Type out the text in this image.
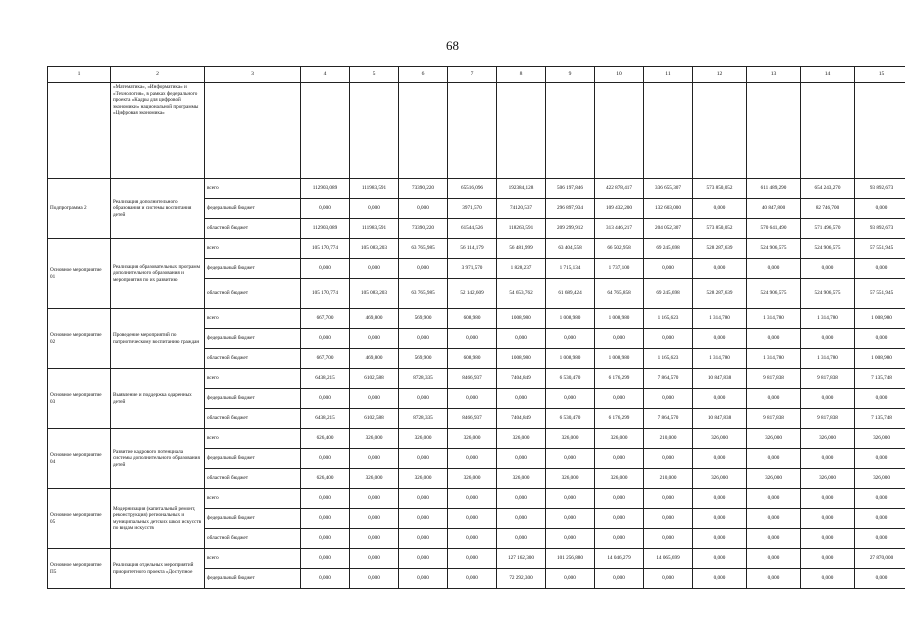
68
1	2	3	4	5	6	7	8	9	10	11	12	13	14	15
	«Математика», «Информатика» и «Технология», в рамках федерального проекта «Кадры для цифровой экономики» национальной программы «Цифровая экономика»													
Подпрограмма 2	Реализация дополнительного образования и системы воспитания детей	всего	112903,089	111983,591	73390,220	65516,096	192384,128	506 197,846	422 878,417	336 655,307	573 850,052	611 489,290	654 243,270	93 892,673
		федеральный бюджет	0,000	0,000	0,000	3971,570	74120,537	296 897,934	109 432,200	132 603,000	0,000	40 847,800	82 746,700	0,000
		областной бюджет	112903,089	111983,591	73390,220	61544,526	118263,591	209 299,912	313 446,217	204 052,307	573 850,052	570 641,490	571 496,570	93 892,673
Основное мероприятие 01	Реализация образовательных программ дополнительного образования и мероприятия по их развитию	всего	105 170,774	105 083,203	63 765,985	56 114,179	56 481,999	63 404,558	66 502,958	69 245,698	528 287,639	524 906,575	524 906,575	57 551,945
		федеральный бюджет	0,000	0,000	0,000	3 971,570	1 828,237	1 715,134	1 737,100	0,000	0,000	0,000	0,000	0,000
		областной бюджет	105 170,774	105 083,203	63 765,985	52 142,609	54 653,762	61 689,424	64 765,858	69 245,698	528 287,639	524 906,575	524 906,575	57 551,945
Основное мероприятие 02	Проведение мероприятий по патриотическому воспитанию граждан	всего	667,700	469,800	569,900	608,980	1008,980	1 008,980	1 008,980	1 165,623	1 314,780	1 314,780	1 314,780	1 008,980
		федеральный бюджет	0,000	0,000	0,000	0,000	0,000	0,000	0,000	0,000	0,000	0,000	0,000	0,000
		областной бюджет	667,700	469,800	569,900	608,980	1008,980	1 008,980	1 008,980	1 165,623	1 314,780	1 314,780	1 314,780	1 008,980
Основное мероприятие 03	Выявление и поддержка одаренных детей	всего	6438,215	6102,588	8728,335	8466,937	7404,849	6 530,470	6 176,299	7 864,570	10 847,838	9 817,838	9 817,838	7 135,748
		федеральный бюджет	0,000	0,000	0,000	0,000	0,000	0,000	0,000	0,000	0,000	0,000	0,000	0,000
		областной бюджет	6438,215	6102,588	8728,335	8466,937	7404,849	6 530,470	6 176,299	7 864,570	10 847,838	9 817,838	9 817,838	7 135,748
Основное мероприятие 04	Развитие кадрового потенциала системы дополнительного образования детей	всего	626,400	326,000	326,000	326,000	326,000	326,000	326,000	210,000	326,000	326,000	326,000	326,000
		федеральный бюджет	0,000	0,000	0,000	0,000	0,000	0,000	0,000	0,000	0,000	0,000	0,000	0,000
		областной бюджет	626,400	326,000	326,000	326,000	326,000	326,000	326,000	210,000	326,000	326,000	326,000	326,000
Основное мероприятие 05	Модернизация (капитальный ремонт, реконструкция) региональных и муниципальных детских школ искусств по видам искусств	всего	0,000	0,000	0,000	0,000	0,000	0,000	0,000	0,000	0,000	0,000	0,000	0,000
		федеральный бюджет	0,000	0,000	0,000	0,000	0,000	0,000	0,000	0,000	0,000	0,000	0,000	0,000
		областной бюджет	0,000	0,000	0,000	0,000	0,000	0,000	0,000	0,000	0,000	0,000	0,000	0,000
Основное мероприятие П5	Реализация отдельных мероприятий приоритетного проекта «Доступное	всего	0,000	0,000	0,000	0,000	127 162,300	101 256,880	14 046,279	14 065,699	0,000	0,000	0,000	27 870,000
		федеральный бюджет	0,000	0,000	0,000	0,000	72 292,300	0,000	0,000	0,000	0,000	0,000	0,000	0,000
